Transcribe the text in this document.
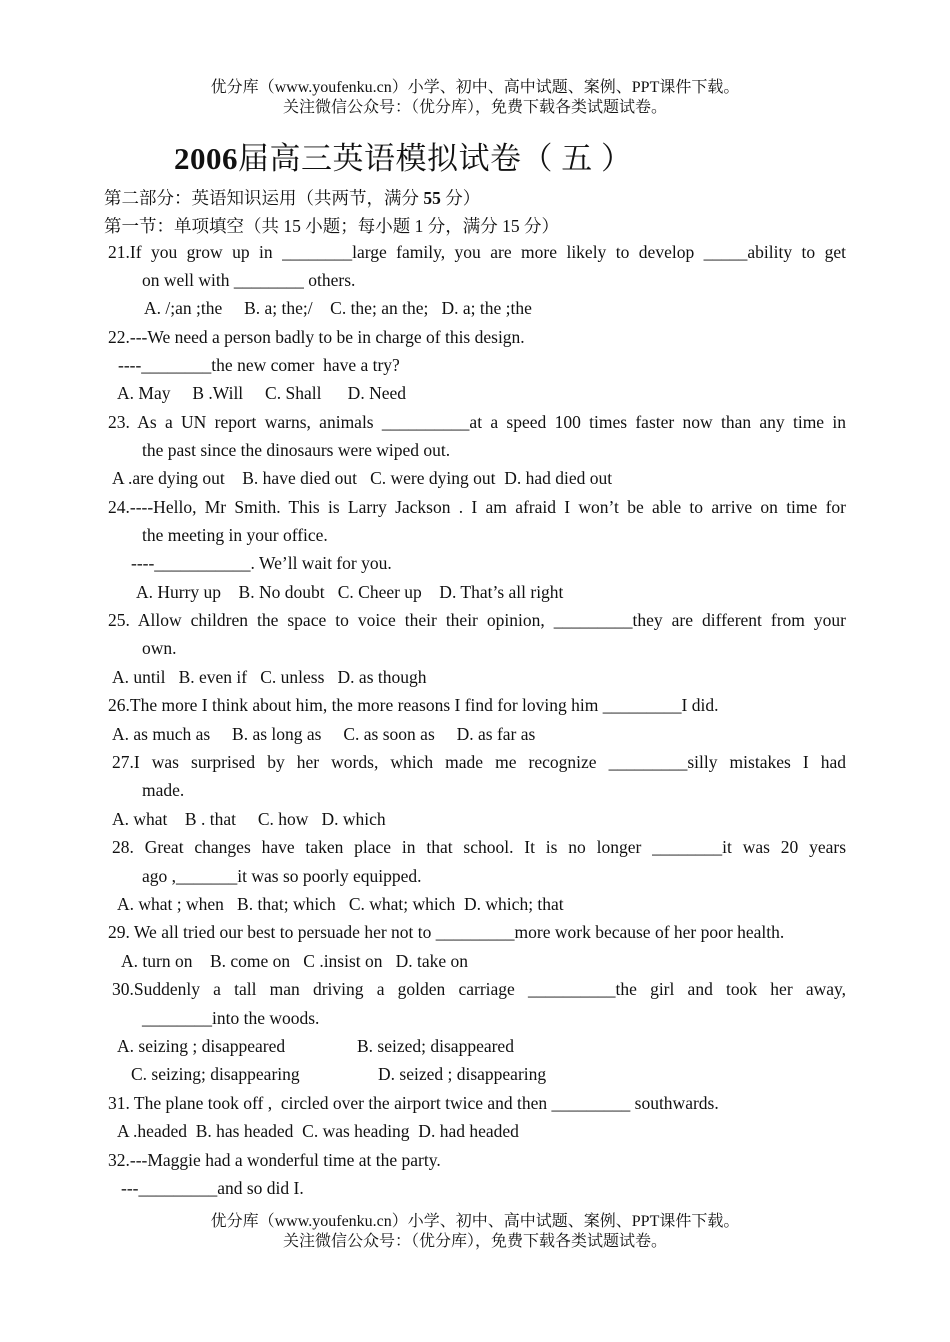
优分库（www.youfenku.cn）小学、初中、高中试题、案例、PPT课件下载。
关注微信公众号：（优分库），免费下载各类试题试卷。
2006届高三英语模拟试卷（ 五 ）
第二部分：英语知识运用（共两节，满分 55 分）
第一节：单项填空（共 15 小题；每小题 1 分，满分 15 分）
21.If you grow up in ________large family, you are more likely to develop _____ability to get
on well with ________ others.
A. /;an ;the     B. a; the;/    C. the; an the;   D. a; the ;the
22.---We need a person badly to be in charge of this design.
----________the new comer  have a try?
A. May     B .Will     C. Shall      D. Need
23. As a UN report warns, animals __________at a speed 100 times faster now than any time in
the past since the dinosaurs were wiped out.
A .are dying out    B. have died out   C. were dying out  D. had died out
24.----Hello, Mr Smith. This is Larry Jackson . I am afraid I won’t be able to arrive on time for
the meeting in your office.
----___________. We’ll wait for you.
A. Hurry up    B. No doubt   C. Cheer up    D. That’s all right
25. Allow children the space to voice their their opinion, _________they are different from your
own.
A. until   B. even if   C. unless   D. as though
26.The more I think about him, the more reasons I find for loving him _________I did.
A. as much as     B. as long as     C. as soon as     D. as far as
27.I was surprised by her words, which made me recognize _________silly mistakes I had
made.
A. what    B . that     C. how   D. which
28. Great changes have taken place in that school. It is no longer ________it was 20 years
ago ,_______it was so poorly equipped.
A. what ; when   B. that; which   C. what; which  D. which; that
29. We all tried our best to persuade her not to _________more work because of her poor health.
A. turn on    B. come on   C .insist on   D. take on
30.Suddenly a tall man driving a golden carriage __________the girl and took her away,
________into the woods.
A. seizing ; disappeared	B. seized; disappeared
C. seizing; disappearing	D. seized ; disappearing
31. The plane took off ,  circled over the airport twice and then _________ southwards.
A .headed  B. has headed  C. was heading  D. had headed
32.---Maggie had a wonderful time at the party.
---_________and so did I.
优分库（www.youfenku.cn）小学、初中、高中试题、案例、PPT课件下载。
关注微信公众号：（优分库），免费下载各类试题试卷。
